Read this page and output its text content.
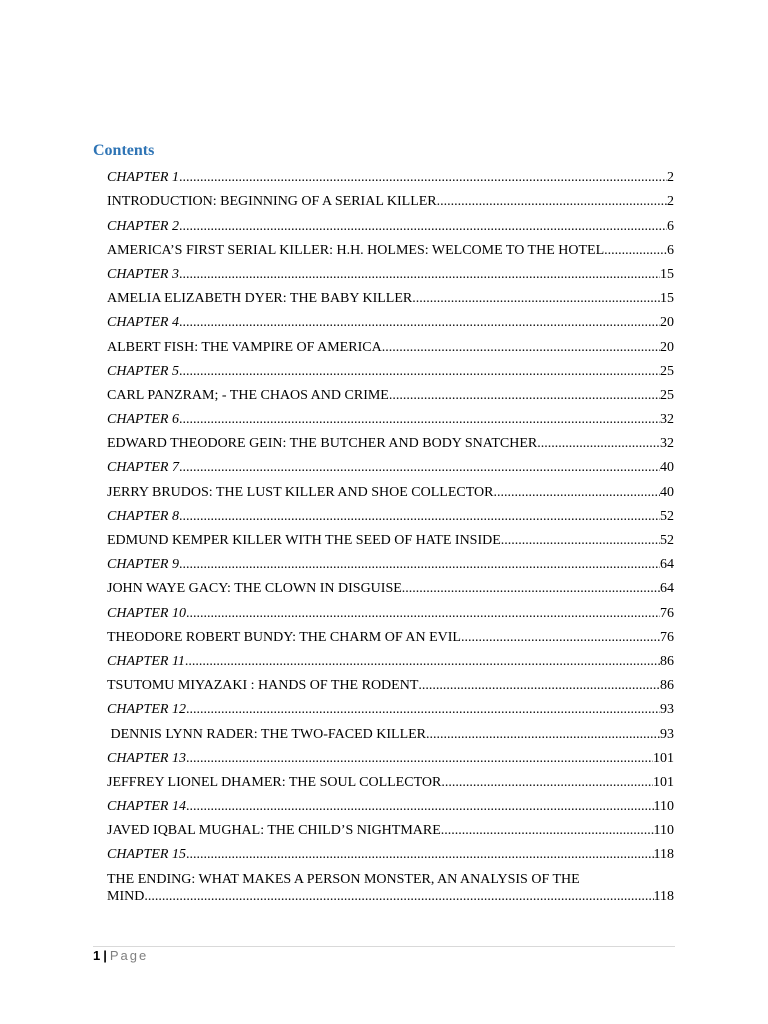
Contents
CHAPTER 1 .....	2
INTRODUCTION: BEGINNING OF A SERIAL KILLER .....	2
CHAPTER 2 .....	6
AMERICA’S FIRST SERIAL KILLER: H.H. HOLMES: WELCOME TO THE HOTEL .....	6
CHAPTER 3 .....	15
AMELIA ELIZABETH DYER: THE BABY KILLER .....	15
CHAPTER 4 .....	20
ALBERT FISH: THE VAMPIRE OF AMERICA .....	20
CHAPTER 5 .....	25
CARL PANZRAM; - THE CHAOS AND CRIME .....	25
CHAPTER 6 .....	32
EDWARD THEODORE GEIN: THE BUTCHER AND BODY SNATCHER .....	32
CHAPTER 7 .....	40
JERRY BRUDOS: THE LUST KILLER AND SHOE COLLECTOR .....	40
CHAPTER 8 .....	52
EDMUND KEMPER KILLER WITH THE SEED OF HATE INSIDE .....	52
CHAPTER 9 .....	64
JOHN WAYE GACY: THE CLOWN IN DISGUISE .....	64
CHAPTER 10 .....	76
THEODORE ROBERT BUNDY: THE CHARM OF AN EVIL .....	76
CHAPTER 11 .....	86
TSUTOMU MIYAZAKI : HANDS OF THE RODENT .....	86
CHAPTER 12 .....	93
DENNIS LYNN RADER: THE TWO-FACED KILLER .....	93
CHAPTER 13 .....	101
JEFFREY LIONEL DHAMER: THE SOUL COLLECTOR .....	101
CHAPTER 14 .....	110
JAVED IQBAL MUGHAL: THE CHILD’S NIGHTMARE .....	110
CHAPTER 15 .....	118
THE ENDING: WHAT MAKES A PERSON MONSTER, AN ANALYSIS OF THE
MIND .....	118
1 | Page
